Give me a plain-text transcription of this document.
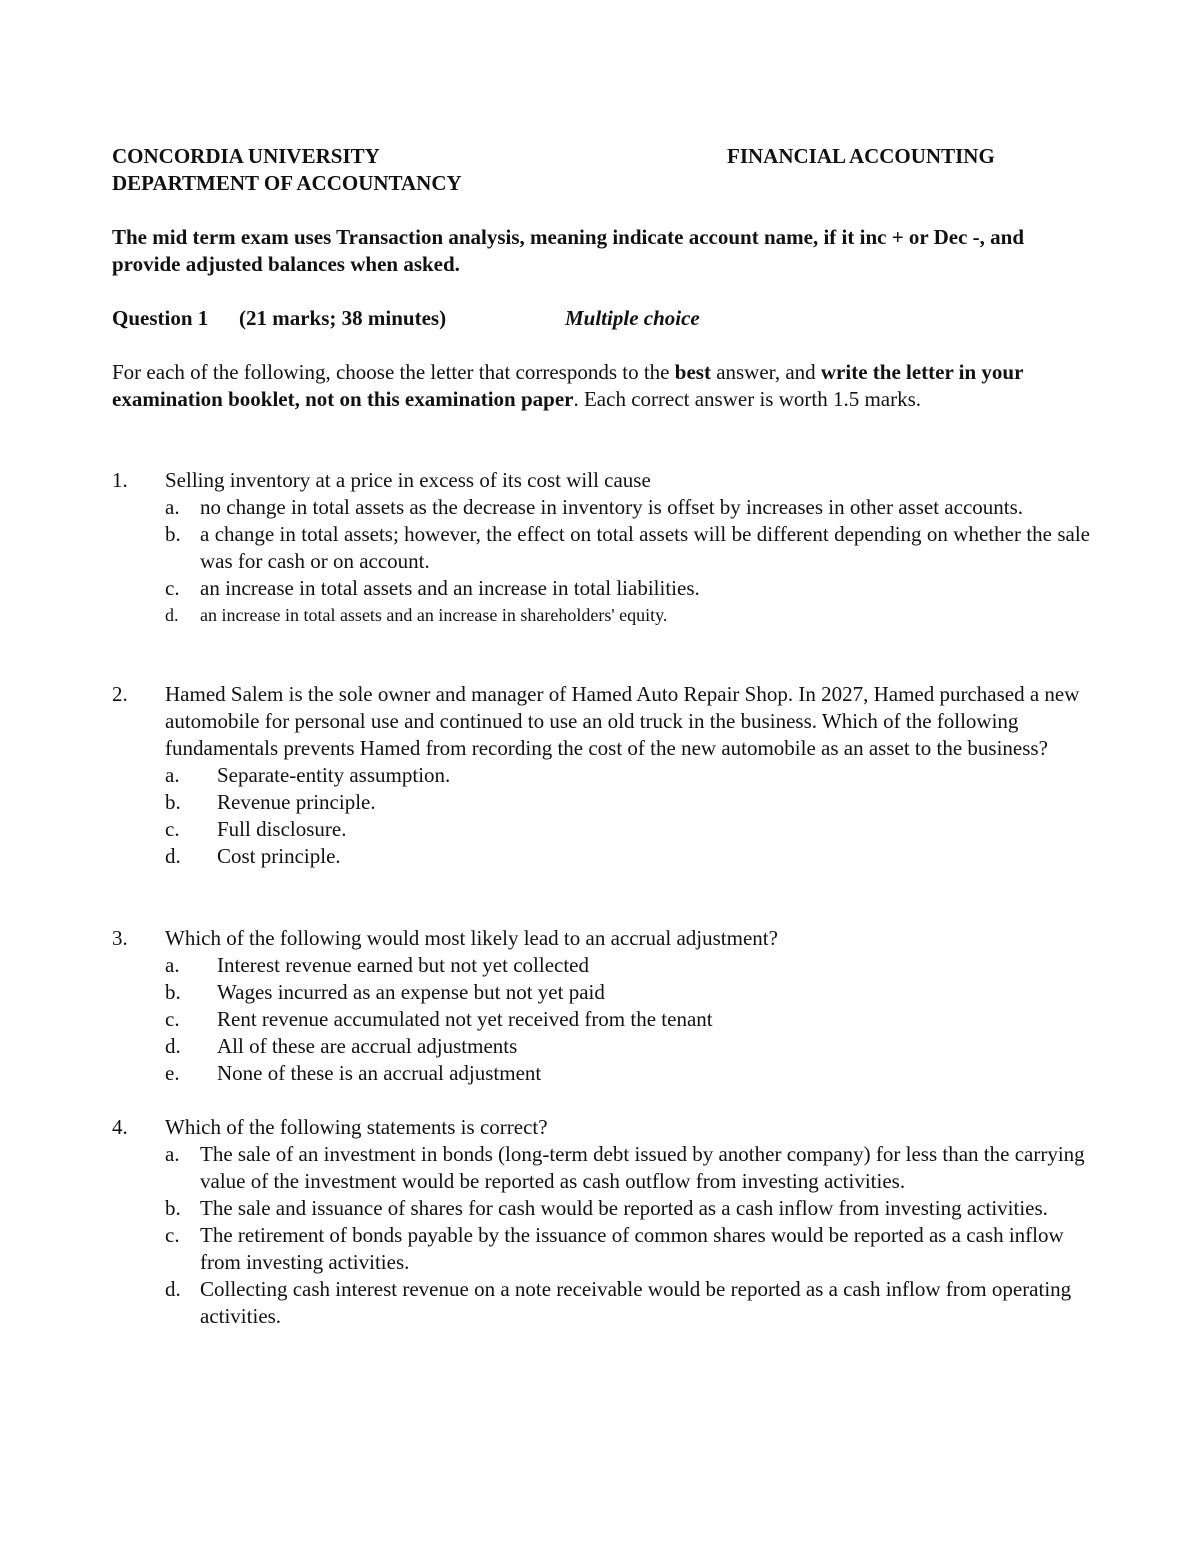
CONCORDIA UNIVERSITY	FINANCIAL ACCOUNTING
DEPARTMENT OF ACCOUNTANCY
The mid term exam uses Transaction analysis, meaning indicate account name, if it inc + or Dec -, and provide adjusted balances when asked.
Question 1 (21 marks; 38 minutes)	Multiple choice
For each of the following, choose the letter that corresponds to the best answer, and write the letter in your examination booklet, not on this examination paper. Each correct answer is worth 1.5 marks.
1. Selling inventory at a price in excess of its cost will cause
a. no change in total assets as the decrease in inventory is offset by increases in other asset accounts.
b. a change in total assets; however, the effect on total assets will be different depending on whether the sale was for cash or on account.
c. an increase in total assets and an increase in total liabilities.
d. an increase in total assets and an increase in shareholders' equity.
2. Hamed Salem is the sole owner and manager of Hamed Auto Repair Shop. In 2027, Hamed purchased a new automobile for personal use and continued to use an old truck in the business. Which of the following fundamentals prevents Hamed from recording the cost of the new automobile as an asset to the business?
a. Separate-entity assumption.
b. Revenue principle.
c. Full disclosure.
d. Cost principle.
3. Which of the following would most likely lead to an accrual adjustment?
a. Interest revenue earned but not yet collected
b. Wages incurred as an expense but not yet paid
c. Rent revenue accumulated not yet received from the tenant
d. All of these are accrual adjustments
e. None of these is an accrual adjustment
4. Which of the following statements is correct?
a. The sale of an investment in bonds (long-term debt issued by another company) for less than the carrying value of the investment would be reported as cash outflow from investing activities.
b. The sale and issuance of shares for cash would be reported as a cash inflow from investing activities.
c. The retirement of bonds payable by the issuance of common shares would be reported as a cash inflow from investing activities.
d. Collecting cash interest revenue on a note receivable would be reported as a cash inflow from operating activities.
